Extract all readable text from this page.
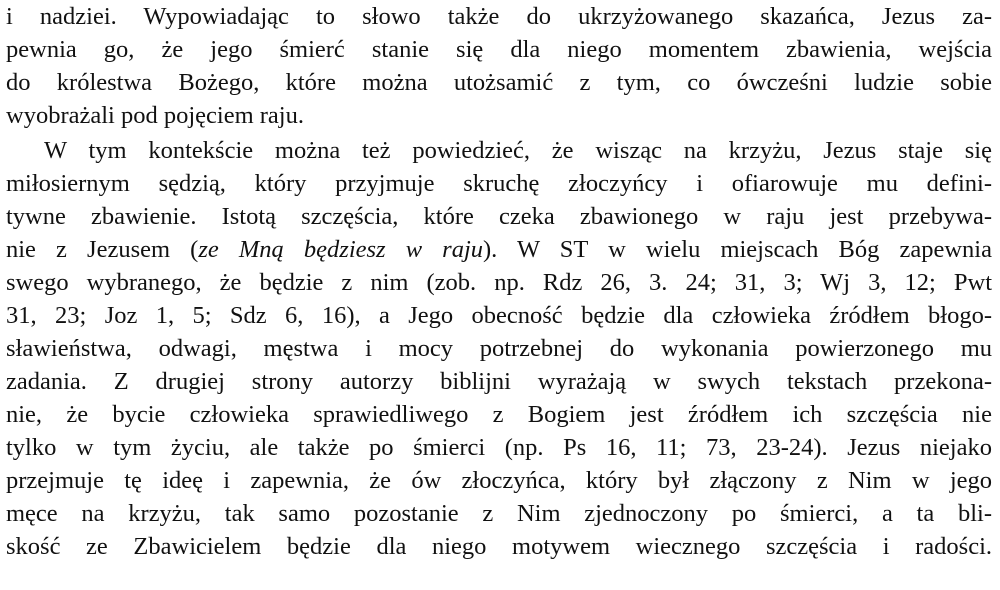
i nadziei. Wypowiadając to słowo także do ukrzyżowanego skazańca, Jezus za-
pewnia go, że jego śmierć stanie się dla niego momentem zbawienia, wejścia
do królestwa Bożego, które można utożsamić z tym, co ówcześni ludzie sobie
wyobrażali pod pojęciem raju.
W tym kontekście można też powiedzieć, że wisząc na krzyżu, Jezus staje się
miłosiernym sędzią, który przyjmuje skruchę złoczyńcy i ofiarowuje mu defini-
tywne zbawienie. Istotą szczęścia, które czeka zbawionego w raju jest przebywa-
nie z Jezusem (ze Mną będziesz w raju). W ST w wielu miejscach Bóg zapewnia
swego wybranego, że będzie z nim (zob. np. Rdz 26, 3. 24; 31, 3; Wj 3, 12; Pwt
31, 23; Joz 1, 5; Sdz 6, 16), a Jego obecność będzie dla człowieka źródłem błogo-
sławieństwa, odwagi, męstwa i mocy potrzebnej do wykonania powierzonego mu
zadania. Z drugiej strony autorzy biblijni wyrażają w swych tekstach przekona-
nie, że bycie człowieka sprawiedliwego z Bogiem jest źródłem ich szczęścia nie
tylko w tym życiu, ale także po śmierci (np. Ps 16, 11; 73, 23-24). Jezus niejako
przejmuje tę ideę i zapewnia, że ów złoczyńca, który był złączony z Nim w jego
męce na krzyżu, tak samo pozostanie z Nim zjednoczony po śmierci, a ta bli-
skość ze Zbawicielem będzie dla niego motywem wiecznego szczęścia i radości.
